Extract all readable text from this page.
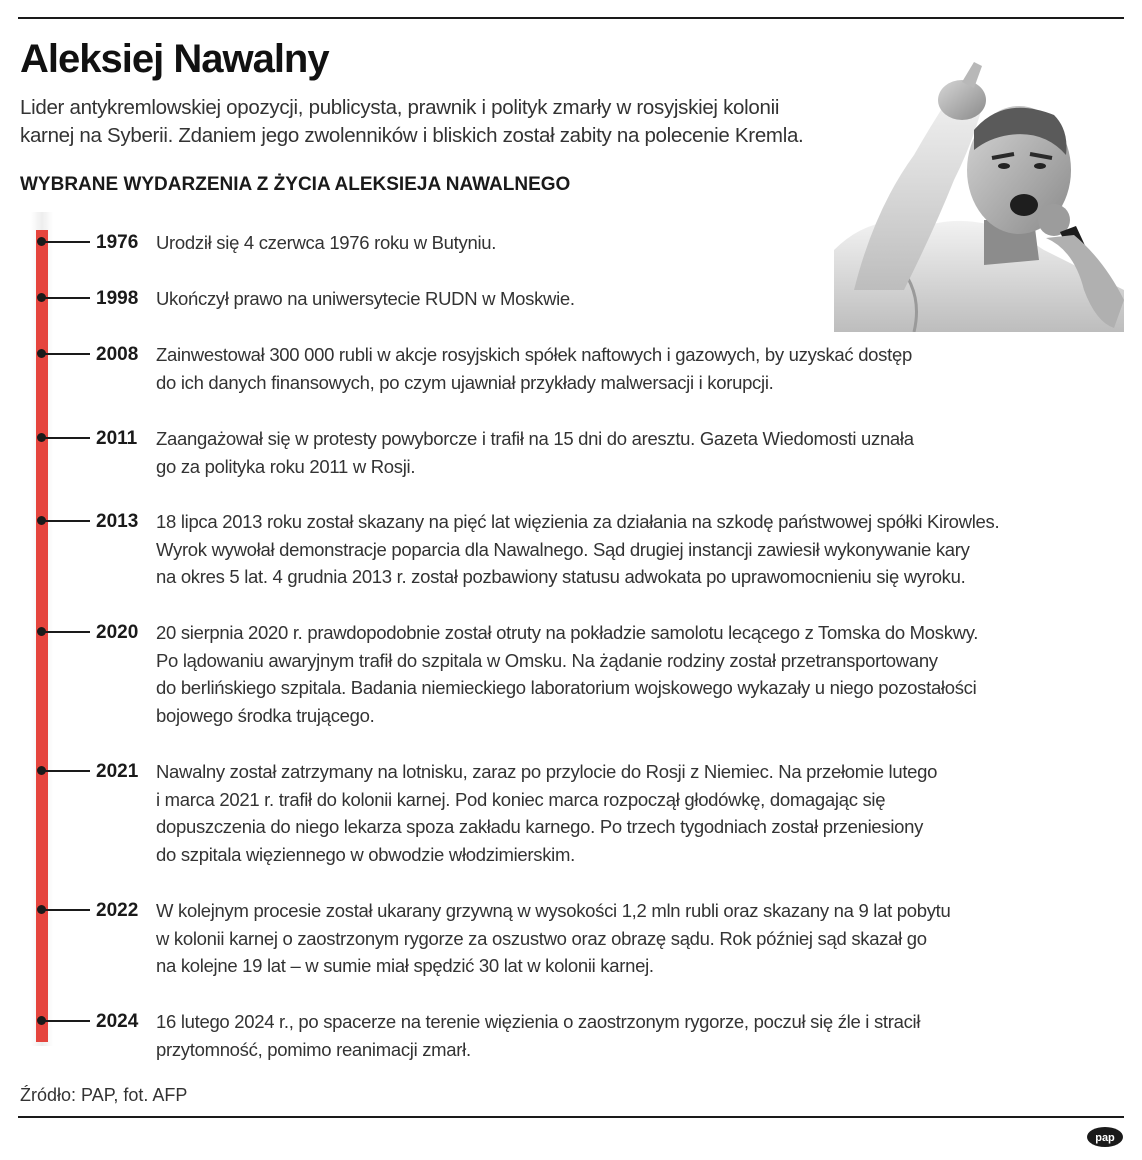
Aleksiej Nawalny

Lider antykremlowskiej opozycji, publicysta, prawnik i polityk zmarły w rosyjskiej kolonii
karnej na Syberii. Zdaniem jego zwolenników i bliskich został zabity na polecenie Kremla.

WYBRANE WYDARZENIA Z ŻYCIA ALEKSIEJA NAWALNEGO
1976 Urodził się 4 czerwca 1976 roku w Butyniu.
1998 Ukończył prawo na uniwersytecie RUDN w Moskwie.
2008 Zainwestował 300 000 rubli w akcje rosyjskich spółek naftowych i gazowych, by uzyskać dostęp
do ich danych finansowych, po czym ujawniał przykłady malwersacji i korupcji.
2011 Zaangażował się w protesty powyborcze i trafił na 15 dni do aresztu. Gazeta Wiedomosti uznała
go za polityka roku 2011 w Rosji.
2013 18 lipca 2013 roku został skazany na pięć lat więzienia za działania na szkodę państwowej spółki Kirowles.
Wyrok wywołał demonstracje poparcia dla Nawalnego. Sąd drugiej instancji zawiesił wykonywanie kary
na okres 5 lat. 4 grudnia 2013 r. został pozbawiony statusu adwokata po uprawomocnieniu się wyroku.
2020 20 sierpnia 2020 r. prawdopodobnie został otruty na pokładzie samolotu lecącego z Tomska do Moskwy.
Po lądowaniu awaryjnym trafił do szpitala w Omsku. Na żądanie rodziny został przetransportowany
do berlińskiego szpitala. Badania niemieckiego laboratorium wojskowego wykazały u niego pozostałości
bojowego środka trującego.
2021 Nawalny został zatrzymany na lotnisku, zaraz po przylocie do Rosji z Niemiec. Na przełomie lutego
i marca 2021 r. trafił do kolonii karnej. Pod koniec marca rozpoczął głodówkę, domagając się
dopuszczenia do niego lekarza spoza zakładu karnego. Po trzech tygodniach został przeniesiony
do szpitala więziennego w obwodzie włodzimierskim.
2022 W kolejnym procesie został ukarany grzywną w wysokości 1,2 mln rubli oraz skazany na 9 lat pobytu
w kolonii karnej o zaostrzonym rygorze za oszustwo oraz obrazę sądu. Rok później sąd skazał go
na kolejne 19 lat – w sumie miał spędzić 30 lat w kolonii karnej.
2024 16 lutego 2024 r., po spacerze na terenie więzienia o zaostrzonym rygorze, poczuł się źle i stracił
przytomność, pomimo reanimacji zmarł.

Źródło: PAP, fot. AFP

pap
